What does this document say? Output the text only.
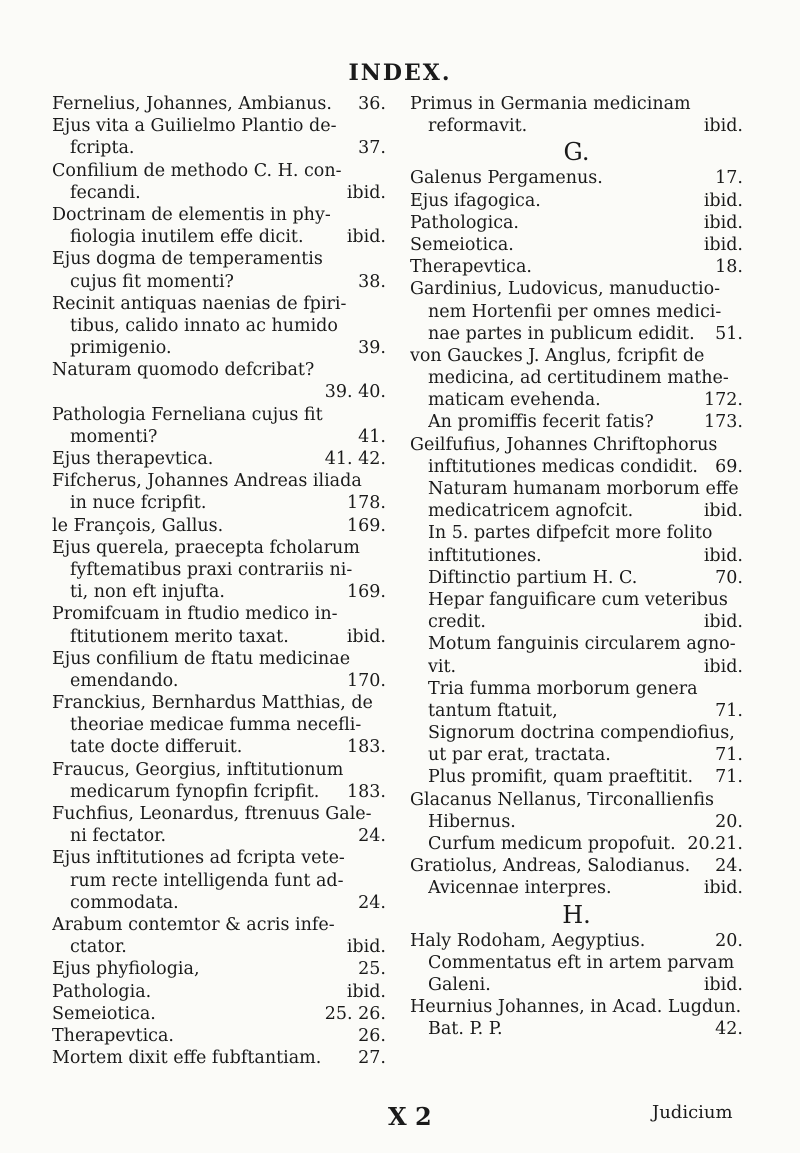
INDEX.
Fernelius, Johannes, Ambianus.	36.
Ejus vita a Guilielmo Plantio de-
fcripta.	37.
Confilium de methodo C. H. con-
fecandi.	ibid.
Doctrinam de elementis in phy-
fiologia inutilem effe dicit.	ibid.
Ejus dogma de temperamentis
cujus fit momenti?	38.
Recinit antiquas naenias de fpiri-
tibus, calido innato ac humido
primigenio.	39.
Naturam quomodo defcribat?
39. 40.
Pathologia Ferneliana cujus fit
momenti?	41.
Ejus therapevtica.	41. 42.
Fifcherus, Johannes Andreas iliada
in nuce fcripfit.	178.
le François, Gallus.	169.
Ejus querela, praecepta fcholarum
fyftematibus praxi contrariis ni-
ti, non eft injufta.	169.
Promifcuam in ftudio medico in-
ftitutionem merito taxat.	ibid.
Ejus confilium de ftatu medicinae
emendando.	170.
Franckius, Bernhardus Matthias, de
theoriae medicae fumma necefli-
tate docte differuit.	183.
Fraucus, Georgius, inftitutionum
medicarum fynopfin fcripfit.	183.
Fuchfius, Leonardus, ftrenuus Gale-
ni fectator.	24.
Ejus inftitutiones ad fcripta vete-
rum recte intelligenda funt ad-
commodata.	24.
Arabum contemtor & acris infe-
ctator.	ibid.
Ejus phyfiologia,	25.
Pathologia.	ibid.
Semeiotica.	25. 26.
Therapevtica.	26.
Mortem dixit effe fubftantiam.	27.
Primus in Germania medicinam
reformavit.	ibid.
G.
Galenus Pergamenus.	17.
Ejus ifagogica.	ibid.
Pathologica.	ibid.
Semeiotica.	ibid.
Therapevtica.	18.
Gardinius, Ludovicus, manuductio-
nem Hortenfii per omnes medici-
nae partes in publicum edidit.	51.
von Gauckes J. Anglus, fcripfit de
medicina, ad certitudinem mathe-
maticam evehenda.	172.
An promiffis fecerit fatis?	173.
Geilfufius, Johannes Chriftophorus
inftitutiones medicas condidit. 69.
Naturam humanam morborum effe
medicatricem agnofcit.	ibid.
In 5. partes difpefcit more folito
inftitutiones.	ibid.
Diftinctio partium H. C.	70.
Hepar fanguificare cum veteribus
credit.	ibid.
Motum fanguinis circularem agno-
vit.	ibid.
Tria fumma morborum genera
tantum ftatuit,	71.
Signorum doctrina compendiofius,
ut par erat, tractata.	71.
Plus promifit, quam praeftitit.	71.
Glacanus Nellanus, Tirconallienfis
Hibernus.	20.
Curfum medicum propofuit. 20.21.
Gratiolus, Andreas, Salodianus.	24.
Avicennae interpres.	ibid.
H.
Haly Rodoham, Aegyptius.	20.
Commentatus eft in artem parvam
Galeni.	ibid.
Heurnius Johannes, in Acad. Lugdun.
Bat. P. P.	42.
X 2	Judicium
